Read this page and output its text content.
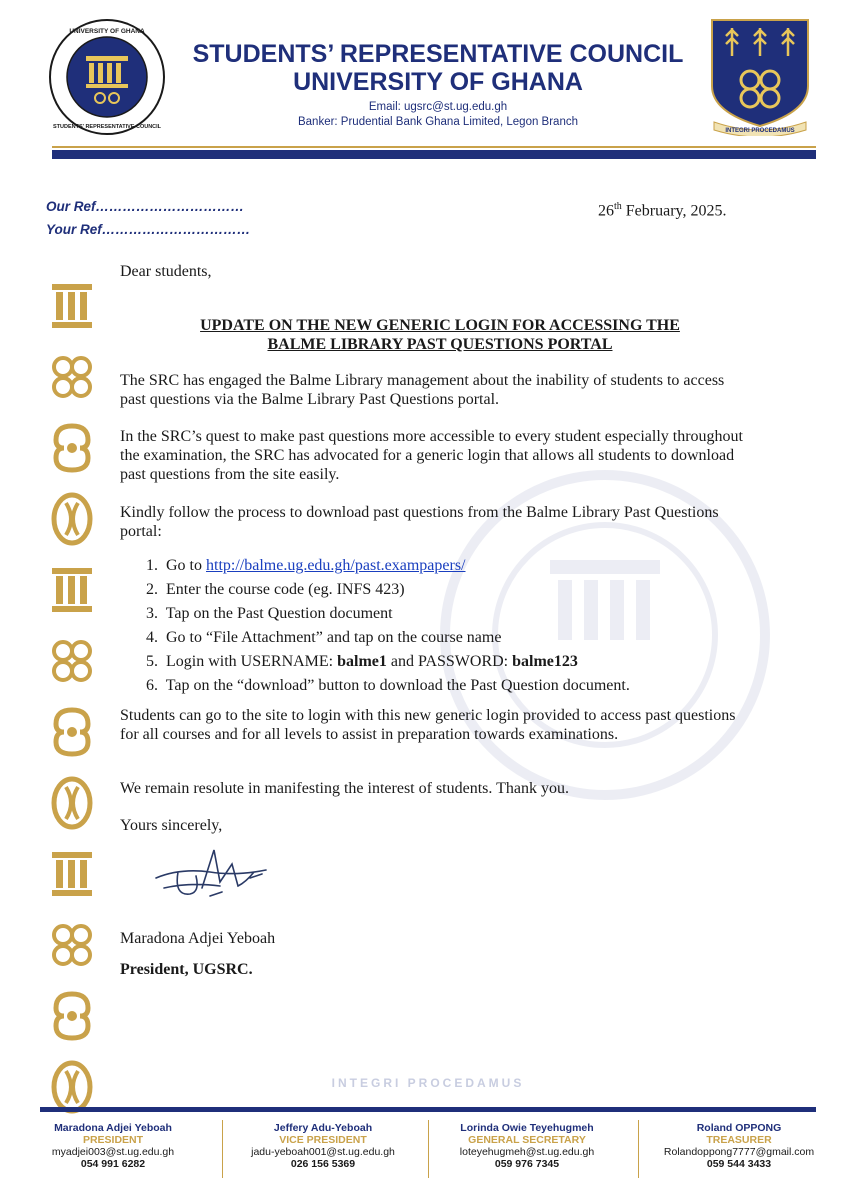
UNIVERSITY OF GHANA
STUDENTS' REPRESENTATIVE COUNCIL
STUDENTS’ REPRESENTATIVE COUNCIL
UNIVERSITY OF GHANA
Email: ugsrc@st.ug.edu.gh
Banker: Prudential Bank Ghana Limited, Legon Branch
INTEGRI PROCEDAMUS
Our Ref……………………………
Your Ref……………………………
26th February, 2025.
Dear students,
UPDATE ON THE NEW GENERIC LOGIN FOR ACCESSING THE
BALME LIBRARY PAST QUESTIONS PORTAL
The SRC has engaged the Balme Library management about the inability of students to access past questions via the Balme Library Past Questions portal.
In the SRC’s quest to make past questions more accessible to every student especially throughout the examination, the SRC has advocated for a generic login that allows all students to download past questions from the site easily.
Kindly follow the process to download past questions from the Balme Library Past Questions portal:
1. Go to http://balme.ug.edu.gh/past.exampapers/
2. Enter the course code (eg. INFS 423)
3. Tap on the Past Question document
4. Go to “File Attachment” and tap on the course name
5. Login with USERNAME: balme1 and PASSWORD: balme123
6.  Tap on the “download” button to download the Past Question document.
Students can go to the site to login with this new generic login provided to access past questions for all courses and for all levels to assist in preparation towards examinations.
We remain resolute in manifesting the interest of students. Thank you.
Yours sincerely,
Maradona Adjei Yeboah
President, UGSRC.
INTEGRI PROCEDAMUS
Maradona Adjei Yeboah
PRESIDENT
myadjei003@st.ug.edu.gh
054 991 6282
Jeffery Adu-Yeboah
VICE PRESIDENT
jadu-yeboah001@st.ug.edu.gh
026 156 5369
Lorinda Owie Teyehugmeh
GENERAL SECRETARY
loteyehugmeh@st.ug.edu.gh
059 976 7345
Roland OPPONG
TREASURER
Rolandoppong7777@gmail.com
059 544 3433
